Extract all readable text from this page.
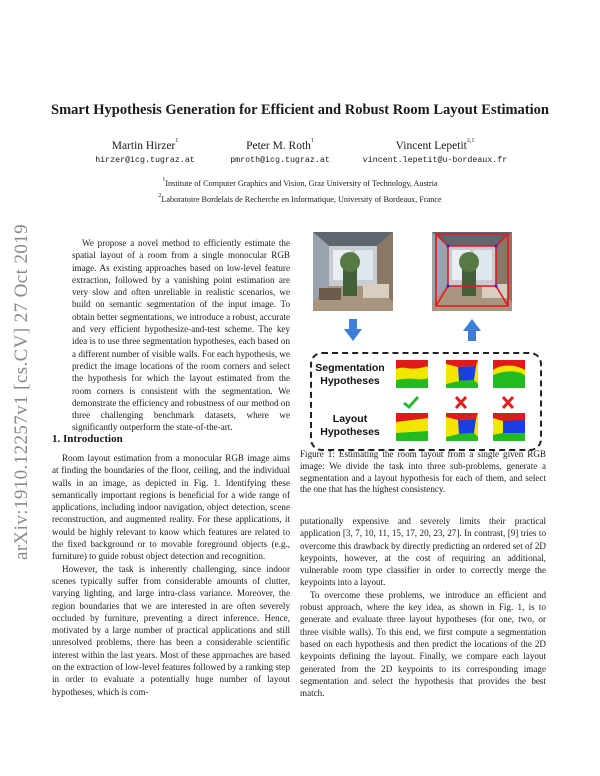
arXiv:1910.12257v1 [cs.CV] 27 Oct 2019
Smart Hypothesis Generation for Efficient and Robust Room Layout Estimation
Martin Hirzer$^1$	Peter M. Roth$^1$	Vincent Lepetit$^{2,1}$
hirzer@icg.tugraz.at	pmroth@icg.tugraz.at	vincent.lepetit@u-bordeaux.fr
$^1$Institute of Computer Graphics and Vision, Graz University of Technology, Austria
$^2$Laboratoire Bordelais de Recherche en Informatique, University of Bordeaux, France

We propose a novel method to efficiently estimate the spatial layout of a room from a single monocular RGB image. As existing approaches based on low-level feature extraction, followed by a vanishing point estimation are very slow and often unreliable in realistic scenarios, we build on semantic segmentation of the input image. To obtain better segmentations, we introduce a robust, accurate and very efficient hypothesize-and-test scheme. The key idea is to use three segmentation hypotheses, each based on a different number of visible walls. For each hypothesis, we predict the image locations of the room corners and select the hypothesis for which the layout estimated from the room corners is consistent with the segmentation. We demonstrate the efficiency and robustness of our method on three challenging benchmark datasets, where we significantly outperform the state-of-the-art.

1. Introduction

Room layout estimation from a monocular RGB image aims at finding the boundaries of the floor, ceiling, and the individual walls in an image, as depicted in Fig. 1. Identifying these semantically important regions is beneficial for a wide range of applications, including indoor navigation, object detection, scene reconstruction, and augmented reality. For these applications, it would be highly relevant to know which features are related to the fixed background or to movable foreground objects (e.g., furniture) to guide robust object detection and recognition.

However, the task is inherently challenging, since indoor scenes typically suffer from considerable amounts of clutter, varying lighting, and large intra-class variance. Moreover, the region boundaries that we are interested in are often severely occluded by furniture, preventing a direct inference. Hence, motivated by a large number of practical applications and still unresolved problems, there has been a considerable scientific interest within the last years. Most of these approaches are based on the extraction of low-level features followed by a ranking step in order to evaluate a potentially huge number of layout hypotheses, which is com-

putationally expensive and severely limits their practical application [3, 7, 10, 11, 15, 17, 20, 23, 27]. In contrast, [9] tries to overcome this drawback by directly predicting an ordered set of 2D keypoints, however, at the cost of requiring an additional, vulnerable room type classifier in order to correctly merge the keypoints into a layout.

To overcome these problems, we introduce an efficient and robust approach, where the key idea, as shown in Fig. 1, is to generate and evaluate three layout hypotheses (for one, two, or three visible walls). To this end, we first compute a segmentation based on each hypothesis and then predict the locations of the 2D keypoints defining the layout. Finally, we compare each layout generated from the 2D keypoints to its corresponding image segmentation and select the hypothesis that provides the best match.

Segmentation Hypotheses
Layout Hypotheses
Figure 1: Estimating the room layout from a single given RGB image: We divide the task into three sub-problems, generate a segmentation and a layout hypothesis for each of them, and select the one that has the highest consistency.
